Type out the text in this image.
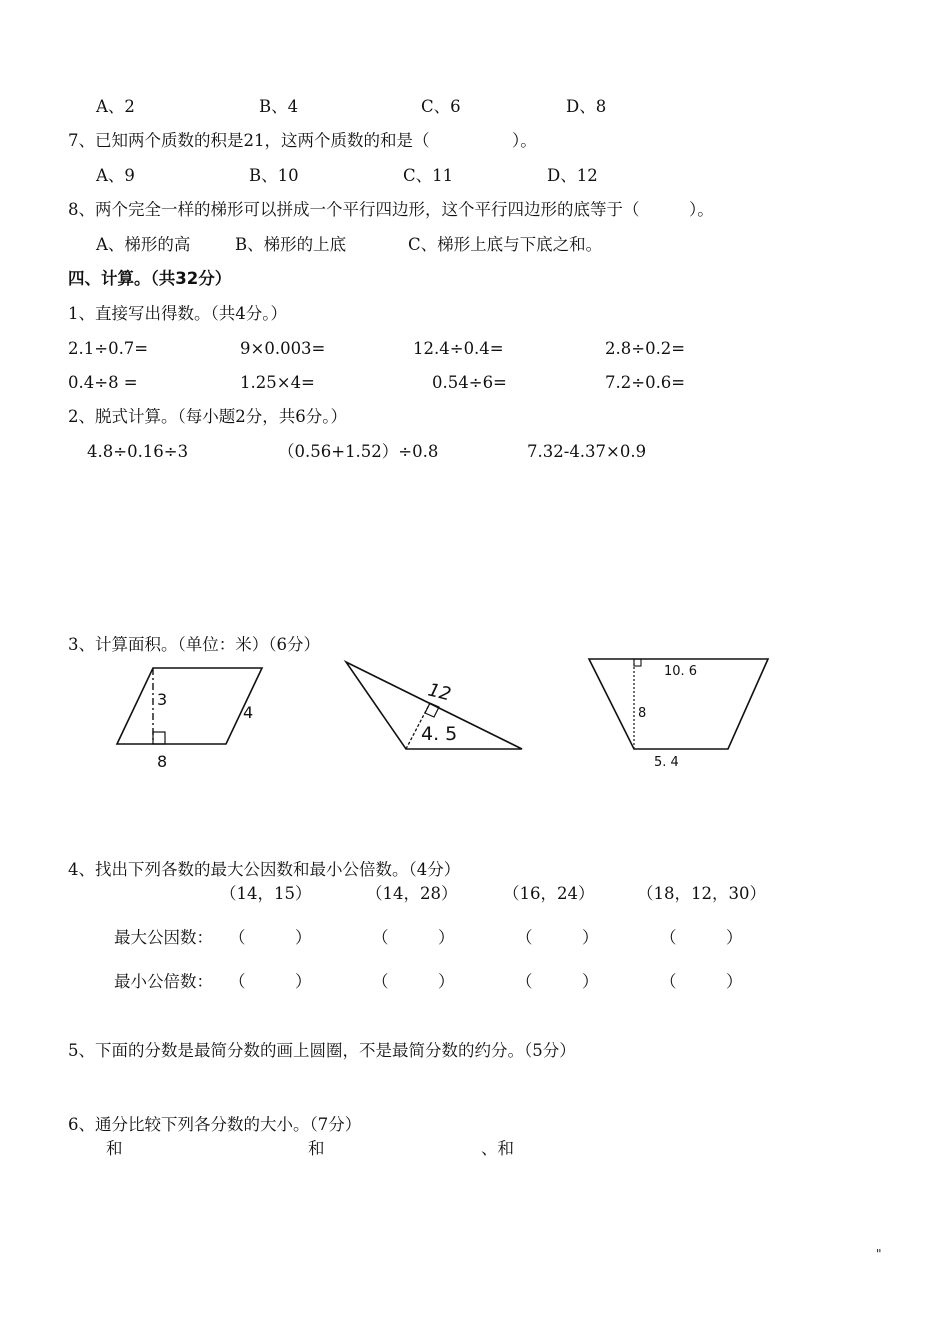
A、2	B、4	C、6	D、8
7、已知两个质数的积是21，这两个质数的和是（　　　　　）。
A、9	B、10	C、11	D、12
8、两个完全一样的梯形可以拼成一个平行四边形，这个平行四边形的底等于（　　　）。
A、梯形的高	B、梯形的上底	C、梯形上底与下底之和。
四、计算。（共32分）
1、直接写出得数。（共4分。）
2.1÷0.7=	9×0.003=	12.4÷0.4=	2.8÷0.2=
0.4÷8 =	1.25×4=	0.54÷6=	7.2÷0.6=
2、脱式计算。（每小题2分，共6分。）
4.8÷0.16÷3	（0.56+1.52）÷0.8	7.32-4.37×0.9
3、计算面积。（单位：米）（6分）
3
4
8
12
4. 5
10. 6
8
5. 4
4、找出下列各数的最大公因数和最小公倍数。（4分）
（14，15）	（14，28）	（16，24）	（18，12，30）
最大公因数： （　　　）	（　　　）	（　　　）	（　　　）
最小公倍数： （　　　）	（　　　）	（　　　）	（　　　）
5、下面的分数是最简分数的画上圆圈，不是最简分数的约分。（5分）
6、通分比较下列各分数的大小。（7分）
和	和	、和
"
